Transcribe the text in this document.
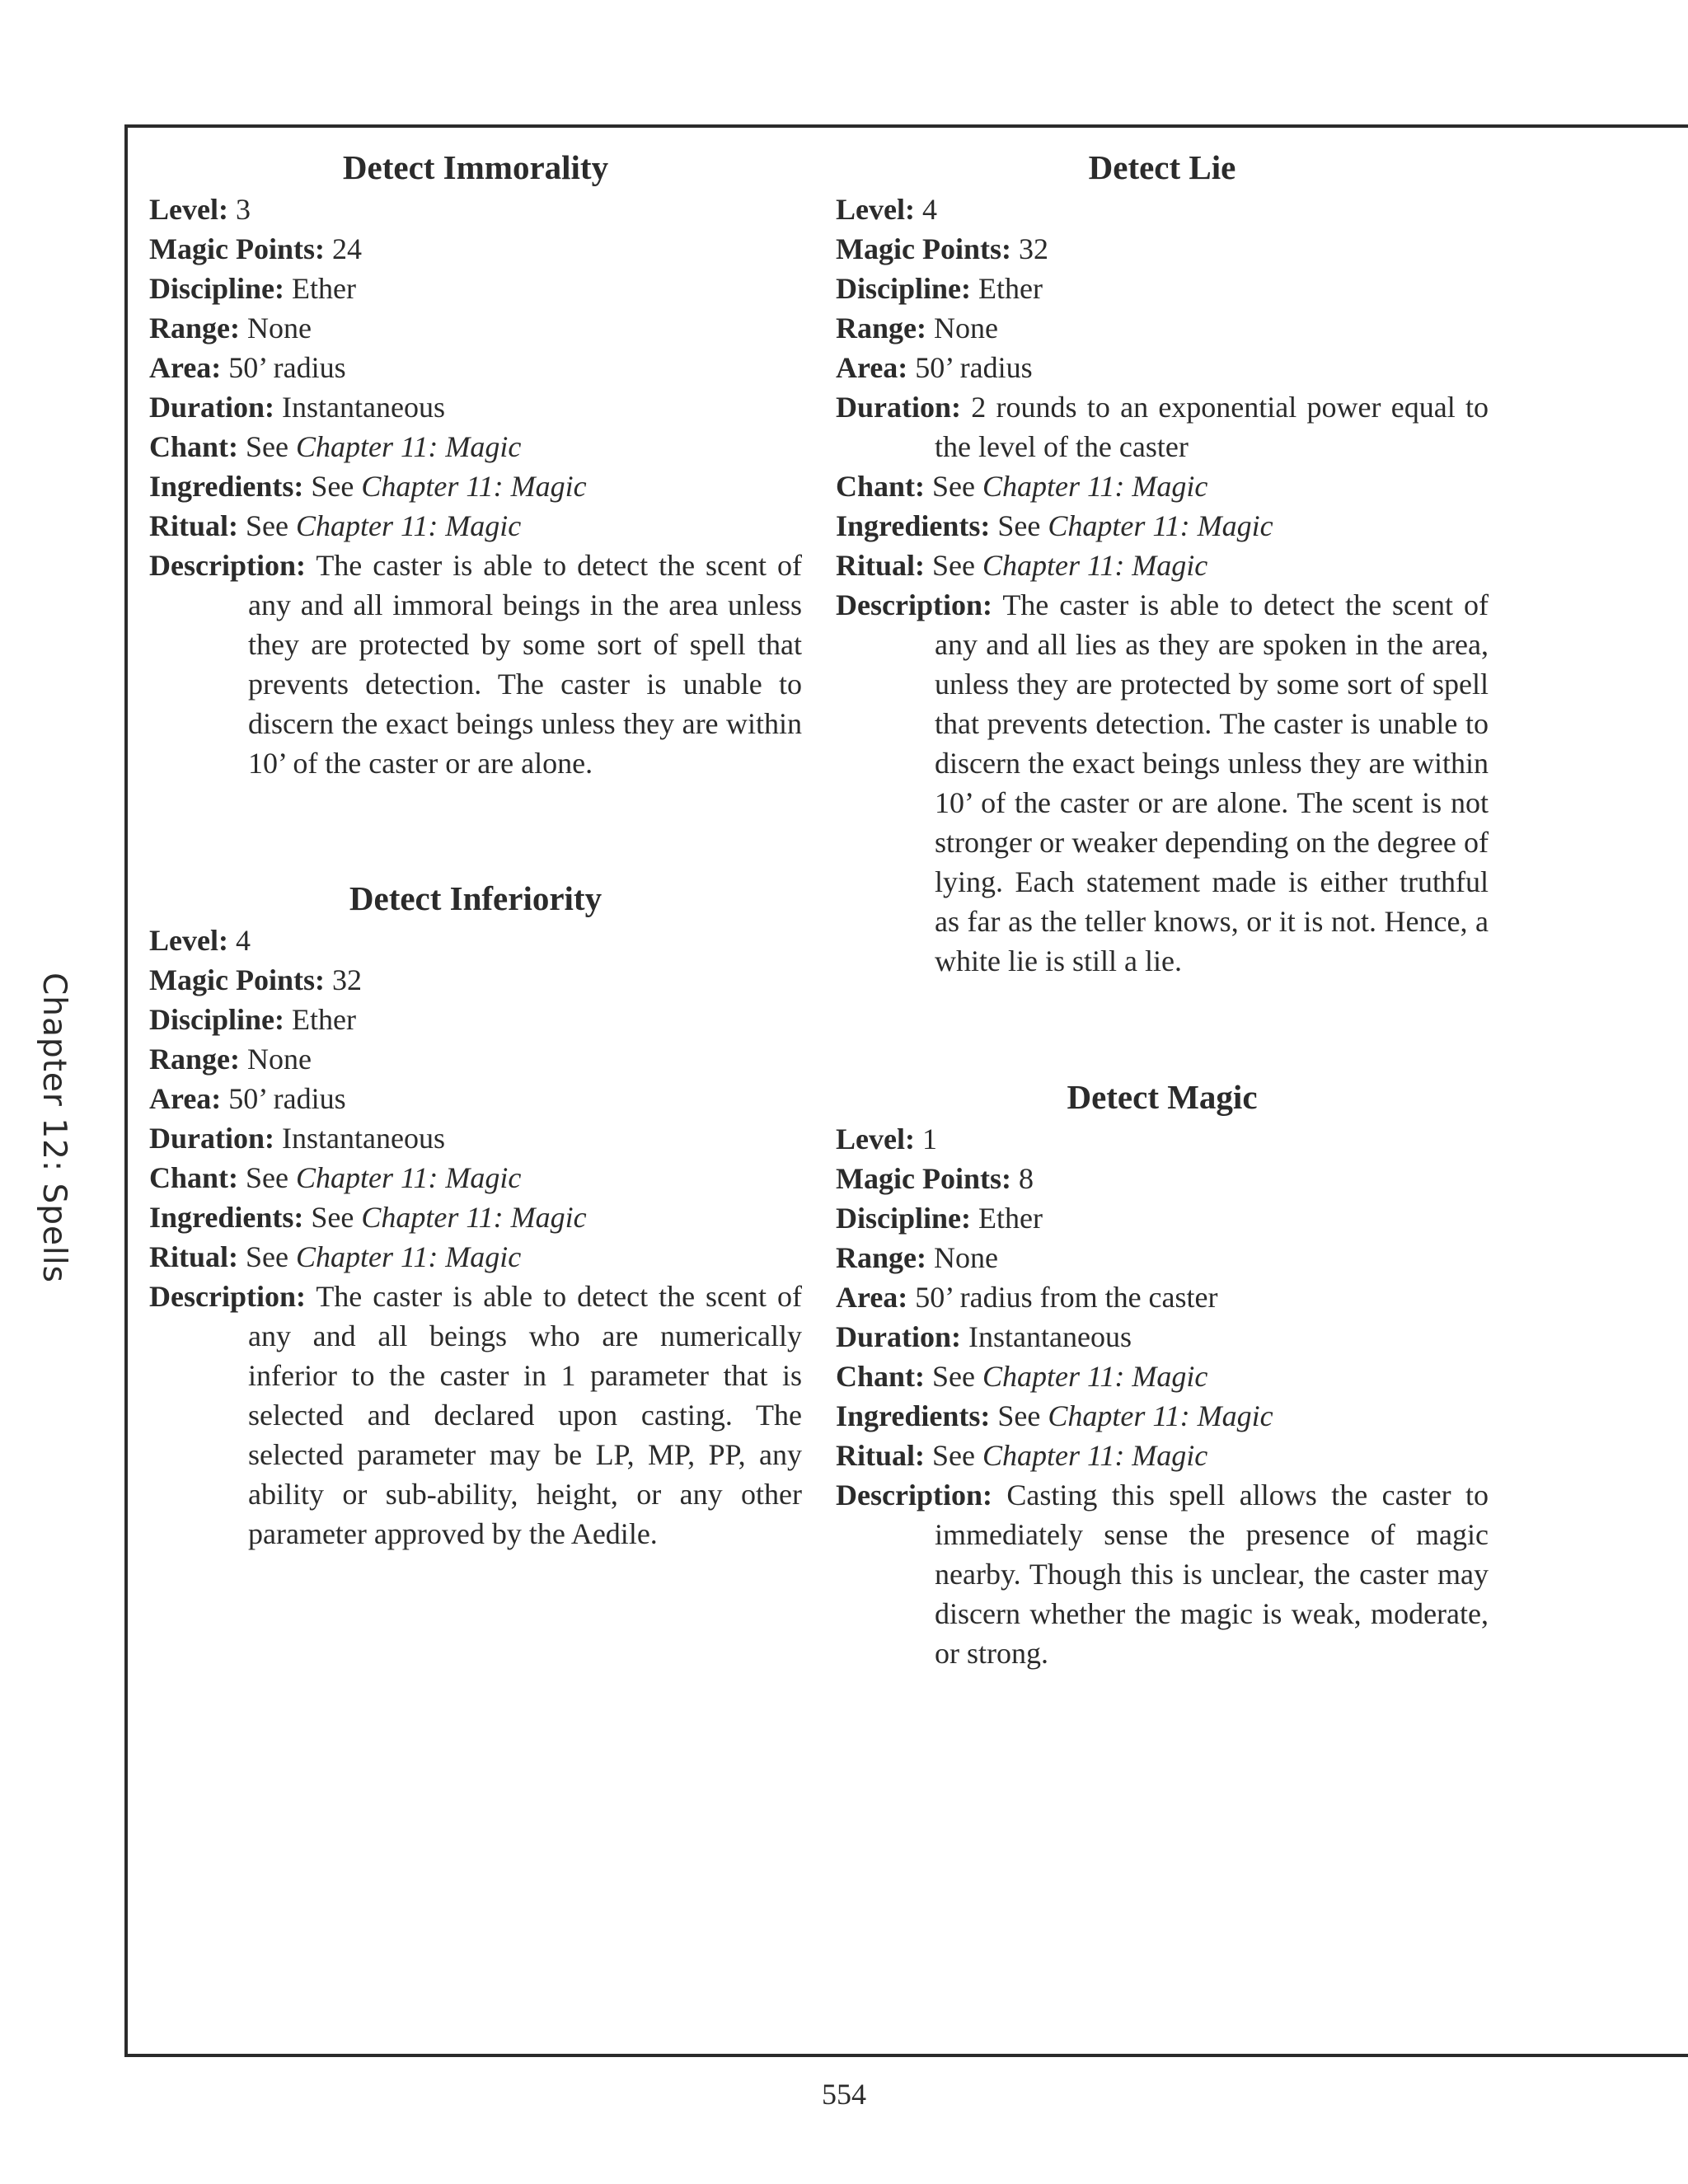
Chapter 12: Spells
Detect Immorality

Level: 3

Magic Points: 24

Discipline: Ether

Range: None

Area: 50’ radius

Duration: Instantaneous

Chant: See Chapter 11: Magic

Ingredients: See Chapter 11: Magic

Ritual: See Chapter 11: Magic

Description: The caster is able to detect the scent of any and all immoral beings in the area unless they are protected by some sort of spell that prevents detection. The caster is unable to discern the exact beings unless they are within 10’ of the caster or are alone.

Detect Inferiority

Level: 4

Magic Points: 32

Discipline: Ether

Range: None

Area: 50’ radius

Duration: Instantaneous

Chant: See Chapter 11: Magic

Ingredients: See Chapter 11: Magic

Ritual: See Chapter 11: Magic

Description: The caster is able to detect the scent of any and all beings who are numerically inferior to the caster in 1 parameter that is selected and declared upon casting. The selected parameter may be LP, MP, PP, any ability or sub-ability, height, or any other parameter approved by the Aedile.

Detect Lie

Level: 4

Magic Points: 32

Discipline: Ether

Range: None

Area: 50’ radius

Duration: 2 rounds to an exponential power equal to the level of the caster

Chant: See Chapter 11: Magic

Ingredients: See Chapter 11: Magic

Ritual: See Chapter 11: Magic

Description: The caster is able to detect the scent of any and all lies as they are spoken in the area, unless they are protected by some sort of spell that prevents detection. The caster is unable to discern the exact beings unless they are within 10’ of the caster or are alone. The scent is not stronger or weaker depending on the degree of lying. Each statement made is either truthful as far as the teller knows, or it is not. Hence, a white lie is still a lie.

Detect Magic

Level: 1

Magic Points: 8

Discipline: Ether

Range: None

Area: 50’ radius from the caster

Duration: Instantaneous

Chant: See Chapter 11: Magic

Ingredients: See Chapter 11: Magic

Ritual: See Chapter 11: Magic

Description: Casting this spell allows the caster to immediately sense the presence of magic nearby. Though this is unclear, the caster may discern whether the magic is weak, moderate, or strong.

554
